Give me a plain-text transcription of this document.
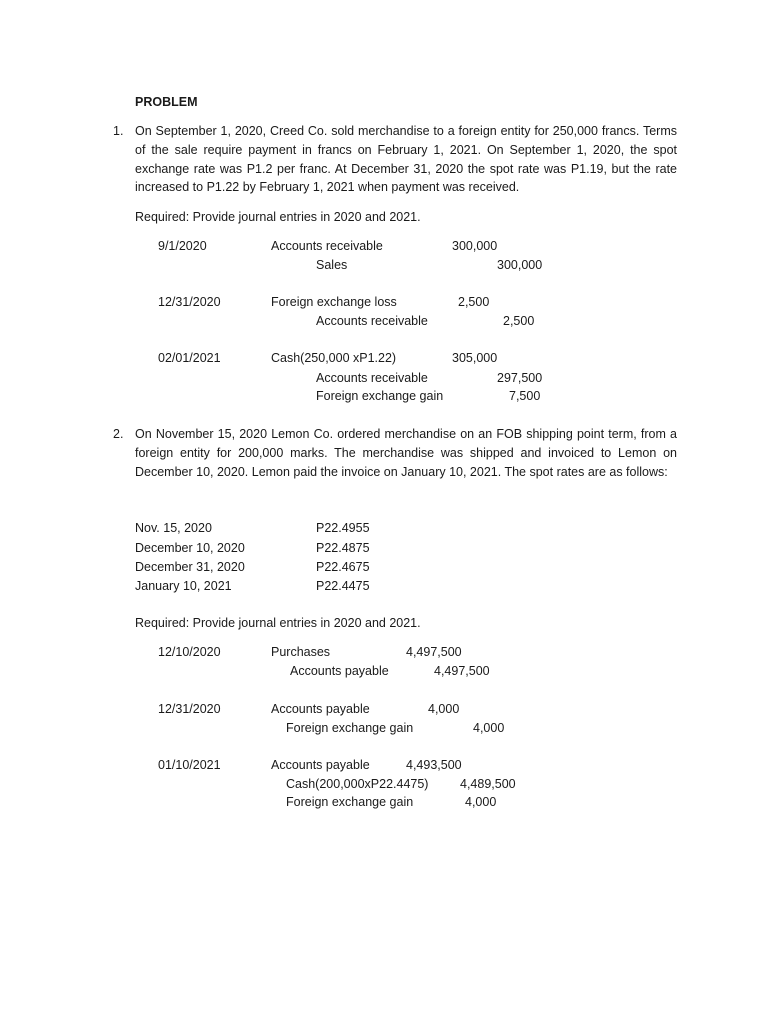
PROBLEM
1. On September 1, 2020, Creed Co. sold merchandise to a foreign entity for 250,000 francs. Terms
of the sale require payment in francs on February 1, 2021. On September 1, 2020, the spot
exchange rate was P1.2 per franc. At December 31, 2020 the spot rate was P1.19, but the rate
increased to P1.22 by February 1, 2021 when payment was received.
Required: Provide journal entries in 2020 and 2021.
9/1/2020	Accounts receivable	300,000
Sales	300,000
12/31/2020	Foreign exchange loss	2,500
Accounts receivable	2,500
02/01/2021	Cash(250,000 xP1.22)	305,000
Accounts receivable	297,500
Foreign exchange gain	7,500
2. On November 15, 2020 Lemon Co. ordered merchandise on an FOB shipping point term, from a
foreign entity for 200,000 marks. The merchandise was shipped and invoiced to Lemon on
December 10, 2020. Lemon paid the invoice on January 10, 2021. The spot rates are as follows:
Nov. 15, 2020	P22.4955
December 10, 2020	P22.4875
December 31, 2020	P22.4675
January 10, 2021	P22.4475
Required: Provide journal entries in 2020 and 2021.
12/10/2020	Purchases	4,497,500
Accounts payable	4,497,500
12/31/2020	Accounts payable	4,000
Foreign exchange gain	4,000
01/10/2021	Accounts payable	4,493,500
Cash(200,000xP22.4475)	4,489,500
Foreign exchange gain	4,000
